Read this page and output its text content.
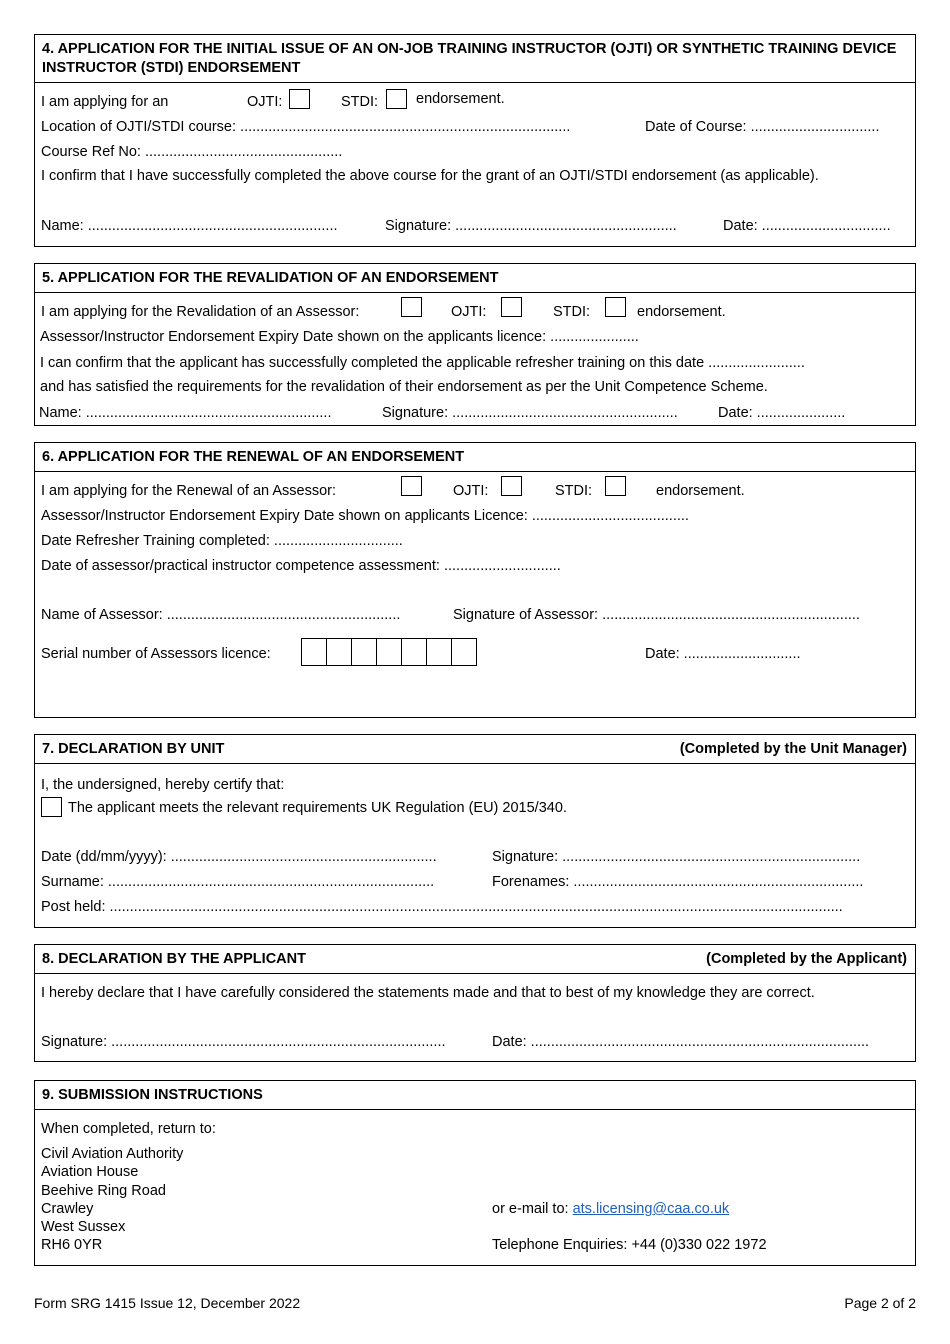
4. APPLICATION FOR THE INITIAL ISSUE OF AN ON-JOB TRAINING INSTRUCTOR (OJTI) OR SYNTHETIC TRAINING DEVICE INSTRUCTOR (STDI) ENDORSEMENT
I am applying for an	OJTI:	STDI:	endorsement.
Location of OJTI/STDI course: ..................................................................................	Date of Course: ................................
Course Ref No: .................................................
I confirm that I have successfully completed the above course for the grant of an OJTI/STDI endorsement (as applicable).
Name: ..............................................................	Signature: .......................................................	Date: ................................
5. APPLICATION FOR THE REVALIDATION OF AN ENDORSEMENT
I am applying for the Revalidation of an Assessor:	OJTI:	STDI:	endorsement.
Assessor/Instructor Endorsement Expiry Date shown on the applicants licence: ......................
I can confirm that the applicant has successfully completed the applicable refresher training on this date ........................
and has satisfied the requirements for the revalidation of their endorsement as per the Unit Competence Scheme.
Name: .............................................................	Signature: ........................................................	Date: ......................
6. APPLICATION FOR THE RENEWAL OF AN ENDORSEMENT
I am applying for the Renewal of an Assessor:	OJTI:	STDI:	endorsement.
Assessor/Instructor Endorsement Expiry Date shown on applicants Licence: .......................................
Date Refresher Training completed: ................................
Date of assessor/practical instructor competence assessment: .............................
Name of Assessor: ..........................................................	Signature of Assessor: ................................................................
Serial number of Assessors licence:	Date: .............................
7. DECLARATION BY UNIT	(Completed by the Unit Manager)
I, the undersigned, hereby certify that:
The applicant meets the relevant requirements UK Regulation (EU) 2015/340.
Date (dd/mm/yyyy): ..................................................................	Signature: ..........................................................................
Surname: .................................................................................	Forenames: ........................................................................
Post held: ......................................................................................................................................................................................
8. DECLARATION BY THE APPLICANT	(Completed by the Applicant)
I hereby declare that I have carefully considered the statements made and that to best of my knowledge they are correct.
Signature: ...................................................................................	Date: ....................................................................................
9. SUBMISSION INSTRUCTIONS
When completed, return to:
Civil Aviation Authority
Aviation House
Beehive Ring Road
Crawley
West Sussex
RH6 0YR
or e-mail to: ats.licensing@caa.co.uk
Telephone Enquiries: +44 (0)330 022 1972
Form SRG 1415 Issue 12, December 2022	Page 2 of 2
